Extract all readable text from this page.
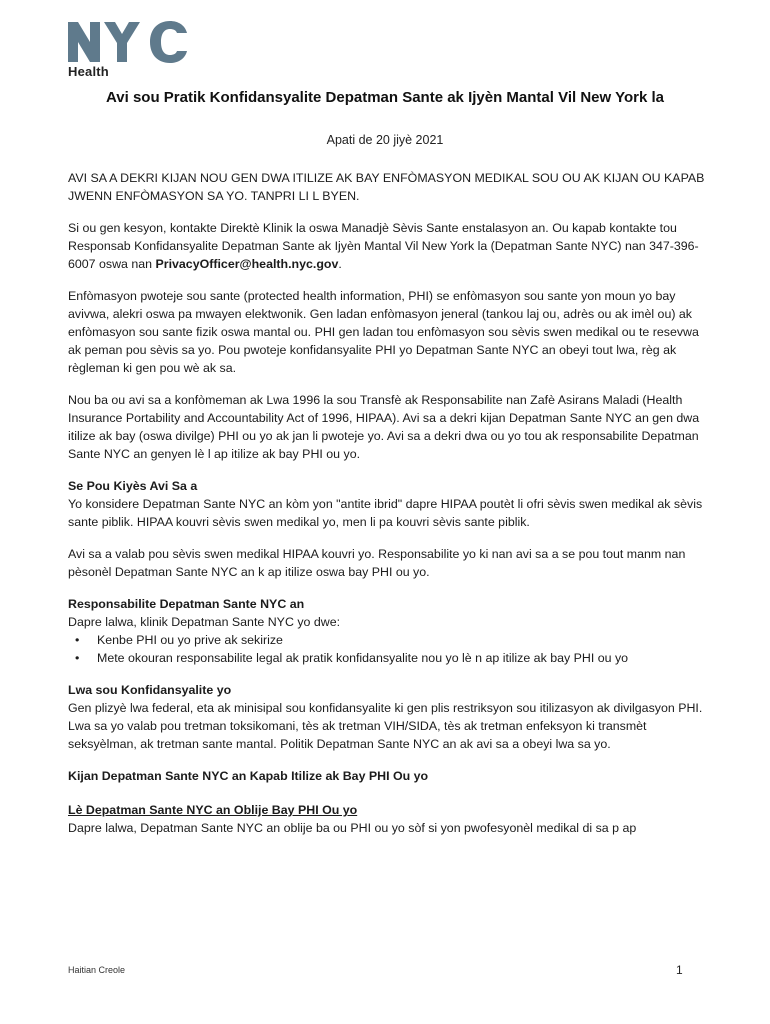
Health
Avi sou Pratik Konfidansyalite Depatman Sante ak Ijyèn Mantal Vil New York la
Apati de 20 jiyè 2021

AVI SA A DEKRI KIJAN NOU GEN DWA ITILIZE AK BAY ENFÒMASYON MEDIKAL SOU OU AK KIJAN OU KAPAB JWENN ENFÒMASYON SA YO. TANPRI LI L BYEN.

Si ou gen kesyon, kontakte Direktè Klinik la oswa Manadjè Sèvis Sante enstalasyon an. Ou kapab kontakte tou Responsab Konfidansyalite Depatman Sante ak Ijyèn Mantal Vil New York la (Depatman Sante NYC) nan 347-396-6007 oswa nan PrivacyOfficer@health.nyc.gov.

Enfòmasyon pwoteje sou sante (protected health information, PHI) se enfòmasyon sou sante yon moun yo bay avivwa, alekri oswa pa mwayen elektwonik. Gen ladan enfòmasyon jeneral (tankou laj ou, adrès ou ak imèl ou) ak enfòmasyon sou sante fizik oswa mantal ou. PHI gen ladan tou enfòmasyon sou sèvis swen medikal ou te resevwa ak peman pou sèvis sa yo. Pou pwoteje konfidansyalite PHI yo Depatman Sante NYC an obeyi tout lwa, règ ak règleman ki gen pou wè ak sa.

Nou ba ou avi sa a konfòmeman ak Lwa 1996 la sou Transfè ak Responsabilite nan Zafè Asirans Maladi (Health Insurance Portability and Accountability Act of 1996, HIPAA). Avi sa a dekri kijan Depatman Sante NYC an gen dwa itilize ak bay (oswa divilge) PHI ou yo ak jan li pwoteje yo. Avi sa a dekri dwa ou yo tou ak responsabilite Depatman Sante NYC an genyen lè l ap itilize ak bay PHI ou yo.

Se Pou Kiyès Avi Sa a

Yo konsidere Depatman Sante NYC an kòm yon "antite ibrid" dapre HIPAA poutèt li ofri sèvis swen medikal ak sèvis sante piblik. HIPAA kouvri sèvis swen medikal yo, men li pa kouvri sèvis sante piblik.

Avi sa a valab pou sèvis swen medikal HIPAA kouvri yo. Responsabilite yo ki nan avi sa a se pou tout manm nan pèsonèl Depatman Sante NYC an k ap itilize oswa bay PHI ou yo.

Responsabilite Depatman Sante NYC an
Dapre lalwa, klinik Depatman Sante NYC yo dwe:
• Kenbe PHI ou yo prive ak sekirize
• Mete okouran responsabilite legal ak pratik konfidansyalite nou yo lè n ap itilize ak bay PHI ou yo
Lwa sou Konfidansyalite yo

Gen plizyè lwa federal, eta ak minisipal sou konfidansyalite ki gen plis restriksyon sou itilizasyon ak divilgasyon PHI. Lwa sa yo valab pou tretman toksikomani, tès ak tretman VIH/SIDA, tès ak tretman enfeksyon ki transmèt seksyèlman, ak tretman sante mantal. Politik Depatman Sante NYC an ak avi sa a obeyi lwa sa yo.

Kijan Depatman Sante NYC an Kapab Itilize ak Bay PHI Ou yo
Lè Depatman Sante NYC an Oblije Bay PHI Ou yo
Dapre lalwa, Depatman Sante NYC an oblije ba ou PHI ou yo sòf si yon pwofesyonèl medikal di sa p ap
Haitian Creole	1
